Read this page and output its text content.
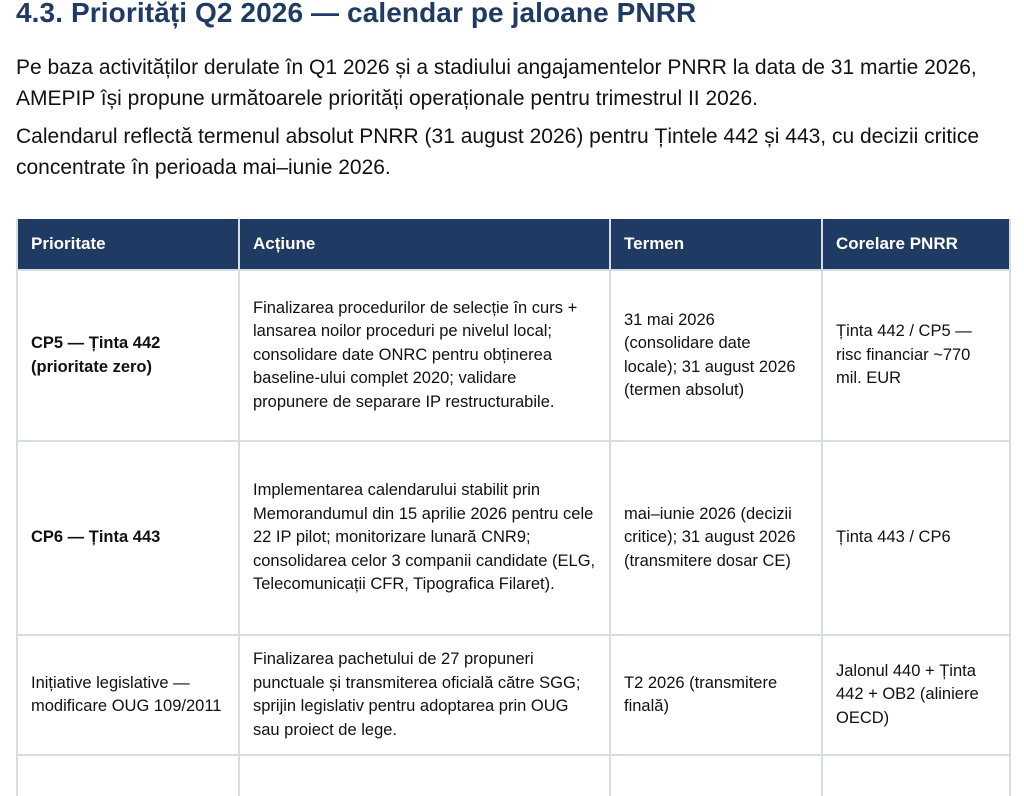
4.3. Priorități Q2 2026 — calendar pe jaloane PNRR

Pe baza activităților derulate în Q1 2026 și a stadiului angajamentelor PNRR la data de 31 martie 2026, AMEPIP își propune următoarele priorități operaționale pentru trimestrul II 2026.

Calendarul reflectă termenul absolut PNRR (31 august 2026) pentru Țintele 442 și 443, cu decizii critice concentrate în perioada mai–iunie 2026.

Prioritate	Acțiune	Termen	Corelare PNRR
CP5 — Ținta 442 (prioritate zero)	Finalizarea procedurilor de selecție în curs + lansarea noilor proceduri pe nivelul local; consolidare date ONRC pentru obținerea baseline-ului complet 2020; validare propunere de separare IP restructurabile.	31 mai 2026 (consolidare date locale); 31 august 2026 (termen absolut)	Ținta 442 / CP5 — risc financiar ~770 mil. EUR
CP6 — Ținta 443	Implementarea calendarului stabilit prin Memorandumul din 15 aprilie 2026 pentru cele 22 IP pilot; monitorizare lunară CNR9; consolidarea celor 3 companii candidate (ELG, Telecomunicații CFR, Tipografica Filaret).	mai–iunie 2026 (decizii critice); 31 august 2026 (transmitere dosar CE)	Ținta 443 / CP6
Inițiative legislative — modificare OUG 109/2011	Finalizarea pachetului de 27 propuneri punctuale și transmiterea oficială către SGG; sprijin legislativ pentru adoptarea prin OUG sau proiect de lege.	T2 2026 (transmitere finală)	Jalonul 440 + Ținta 442 + OB2 (aliniere OECD)
